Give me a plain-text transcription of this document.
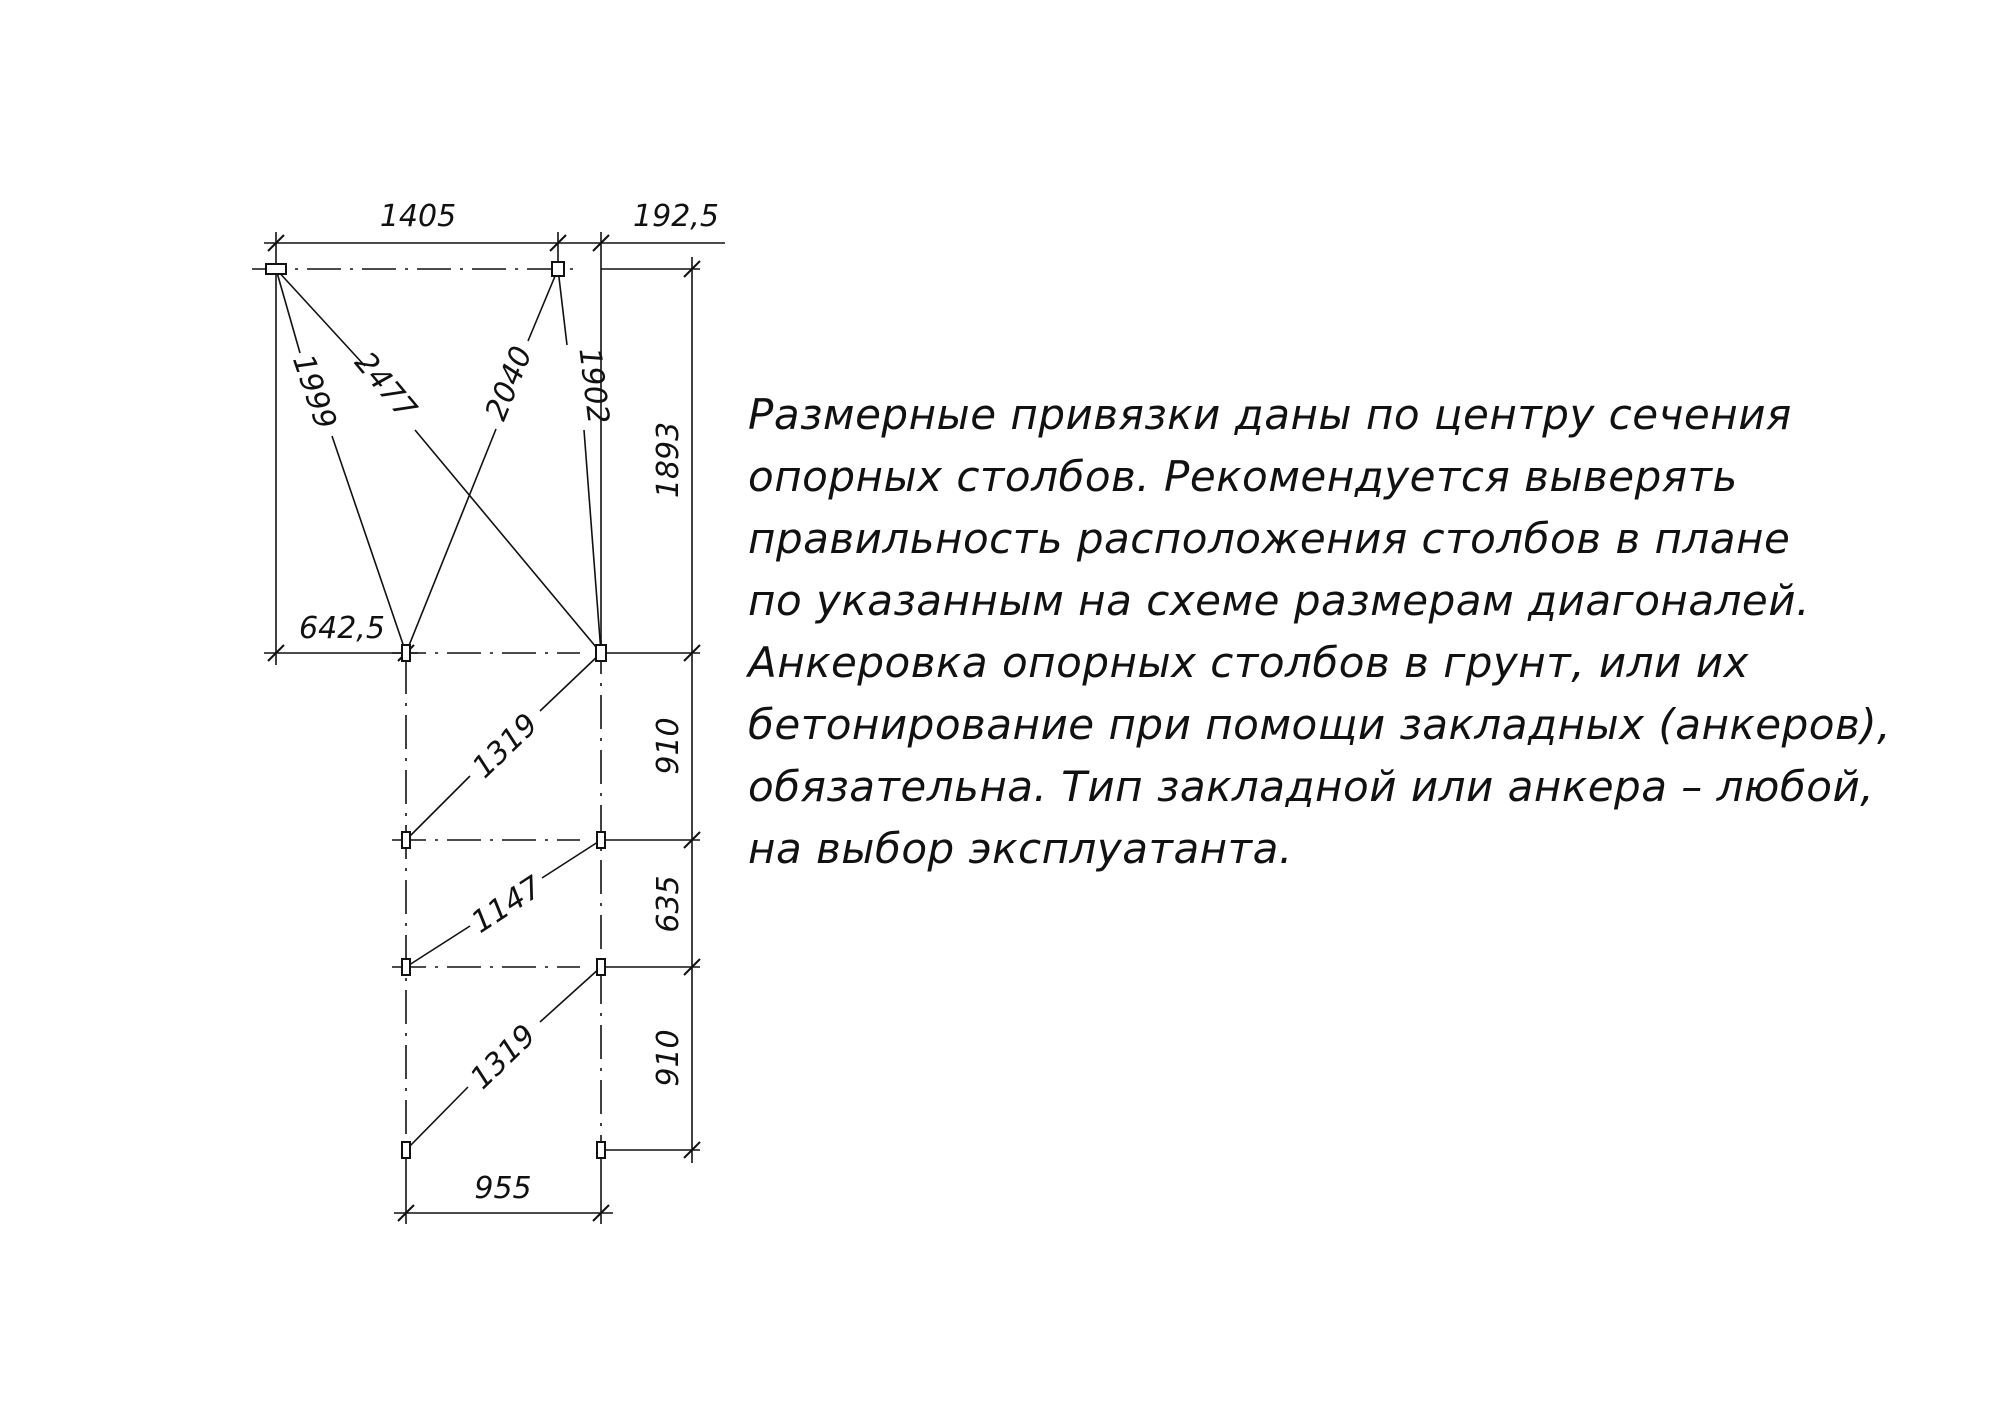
1405	192,5
642,5
955
1893
910
635
910
1999 2477 2040 1902
1319
1147
1319
Размерные привязки даны по центру сечения
опорных столбов. Рекомендуется выверять
правильность расположения столбов в плане
по указанным на схеме размерам диагоналей.
Анкеровка опорных столбов в грунт, или их
бетонирование при помощи закладных (анкеров),
обязательна. Тип закладной или анкера – любой,
на выбор эксплуатанта.
